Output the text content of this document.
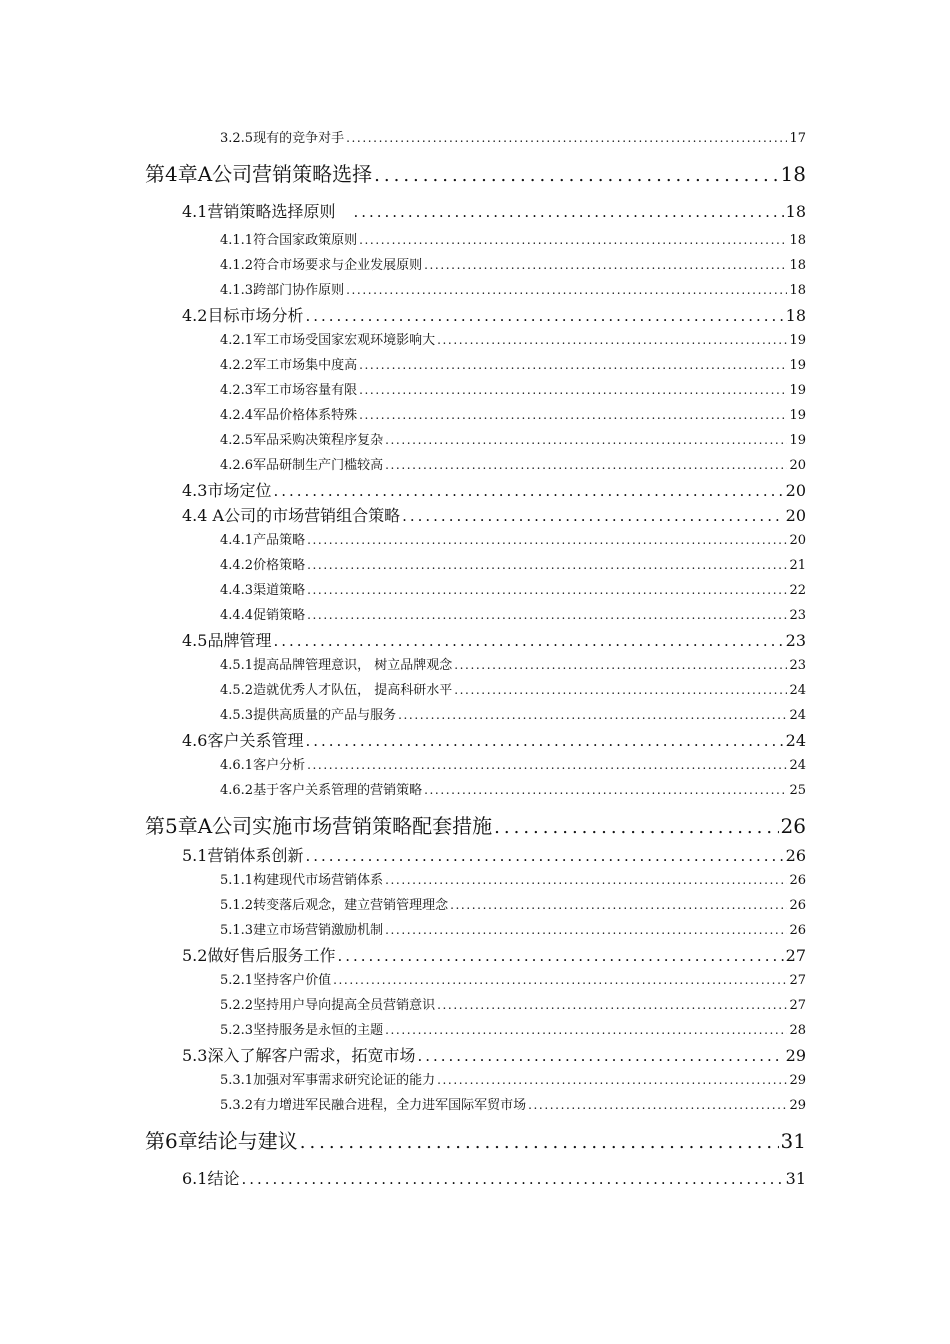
3.2.5现有的竞争对手 .....	17
第4章A公司营销策略选择 .....	18
4.1营销策略选择原则　 .....	18
4.1.1符合国家政策原则 .....	18
4.1.2符合市场要求与企业发展原则 .....	18
4.1.3跨部门协作原则 .....	18
4.2目标市场分析 .....	18
4.2.1军工市场受国家宏观环境影响大 .....	19
4.2.2军工市场集中度高 .....	19
4.2.3军工市场容量有限 .....	19
4.2.4军品价格体系特殊 .....	19
4.2.5军品采购决策程序复杂 .....	19
4.2.6军品研制生产门槛较高 .....	20
4.3市场定位 .....	20
4.4 A公司的市场营销组合策略 .....	20
4.4.1产品策略 .....	20
4.4.2价格策略 .....	21
4.4.3渠道策略 .....	22
4.4.4促销策略 .....	23
4.5品牌管理 .....	23
4.5.1提高品牌管理意识， 树立品牌观念 .....	23
4.5.2造就优秀人才队伍， 提高科研水平 .....	24
4.5.3提供高质量的产品与服务 .....	24
4.6客户关系管理 .....	24
4.6.1客户分析 .....	24
4.6.2基于客户关系管理的营销策略 .....	25
第5章A公司实施市场营销策略配套措施 .....	26
5.1营销体系创新 .....	26
5.1.1构建现代市场营销体系 .....	26
5.1.2转变落后观念，建立营销管理理念 .....	26
5.1.3建立市场营销激励机制 .....	26
5.2做好售后服务工作 .....	27
5.2.1坚持客户价值 .....	27
5.2.2坚持用户导向提高全员营销意识 .....	27
5.2.3坚持服务是永恒的主题 .....	28
5.3深入了解客户需求，拓宽市场 .....	29
5.3.1加强对军事需求研究论证的能力 .....	29
5.3.2有力增进军民融合进程，全力进军国际军贸市场 .....	29
第6章结论与建议 .....	31
6.1结论 .....	31
